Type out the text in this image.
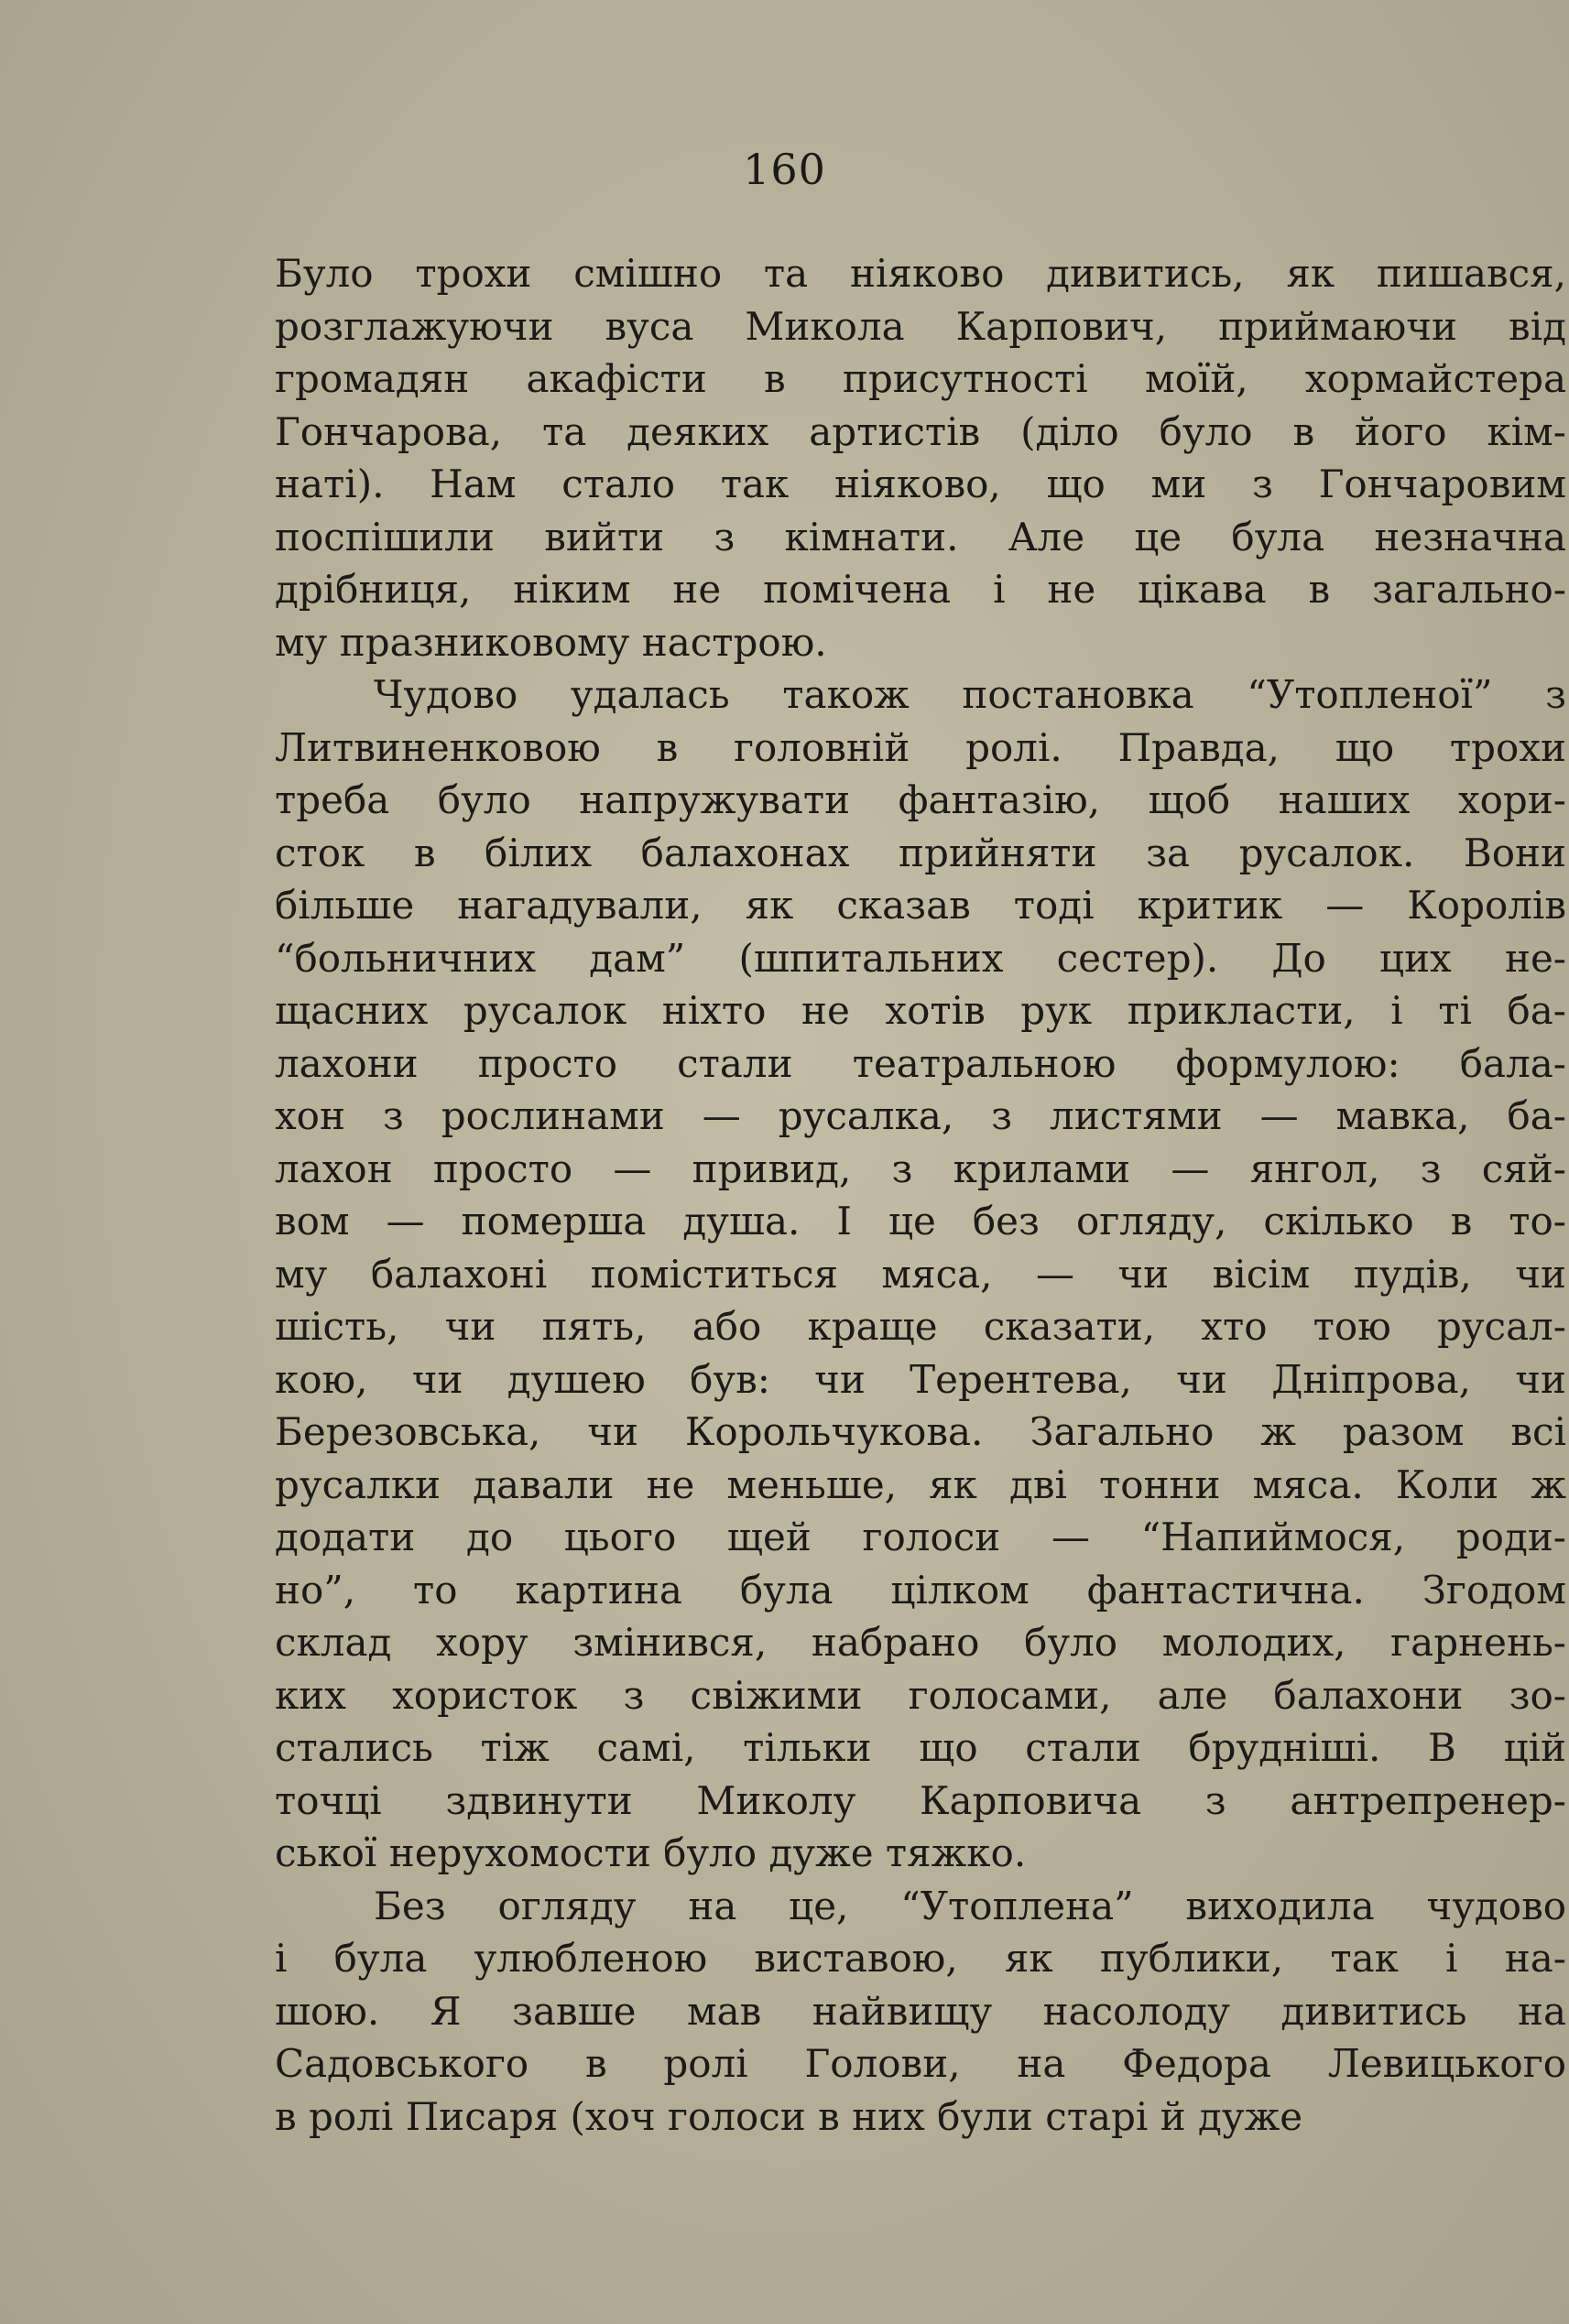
160
Було трохи смішно та ніяково дивитись, як пишався,
розглажуючи вуса Микола Карпович, приймаючи від
громадян акафісти в присутності моїй, хормайстера
Гончарова, та деяких артистів (діло було в його кім-
наті). Нам стало так ніяково, що ми з Гончаровим
поспішили вийти з кімнати. Але це була незначна
дрібниця, ніким не помічена і не цікава в загально-
му празниковому настрою.
Чудово удалась також постановка “Утопленої” з
Литвиненковою в головній ролі. Правда, що трохи
треба було напружувати фантазію, щоб наших хори-
сток в білих балахонах прийняти за русалок. Вони
більше нагадували, як сказав тоді критик — Королів
“больничних дам” (шпитальних сестер). До цих не-
щасних русалок ніхто не хотів рук прикласти, і ті ба-
лахони просто стали театральною формулою: бала-
хон з рослинами — русалка, з листями — мавка, ба-
лахон просто — привид, з крилами — янгол, з сяй-
вом — померша душа. І це без огляду, скілько в то-
му балахоні поміститься мяса, — чи вісім пудів, чи
шість, чи пять, або краще сказати, хто тою русал-
кою, чи душею був: чи Терентева, чи Дніпрова, чи
Березовська, чи Корольчукова. Загально ж разом всі
русалки давали не меньше, як дві тонни мяса. Коли ж
додати до цього щей голоси — “Напиймося, роди-
но”, то картина була цілком фантастична. Згодом
склад хору змінився, набрано було молодих, гарнень-
ких хористок з свіжими голосами, але балахони зо-
стались тіж самі, тільки що стали брудніші. В цій
точці здвинути Миколу Карповича з антрепренер-
ської нерухомости було дуже тяжко.
Без огляду на це, “Утоплена” виходила чудово
і була улюбленою виставою, як публики, так і на-
шою. Я завше мав найвищу насолоду дивитись на
Садовського в ролі Голови, на Федора Левицького
в ролі Писаря (хоч голоси в них були старі й дуже
